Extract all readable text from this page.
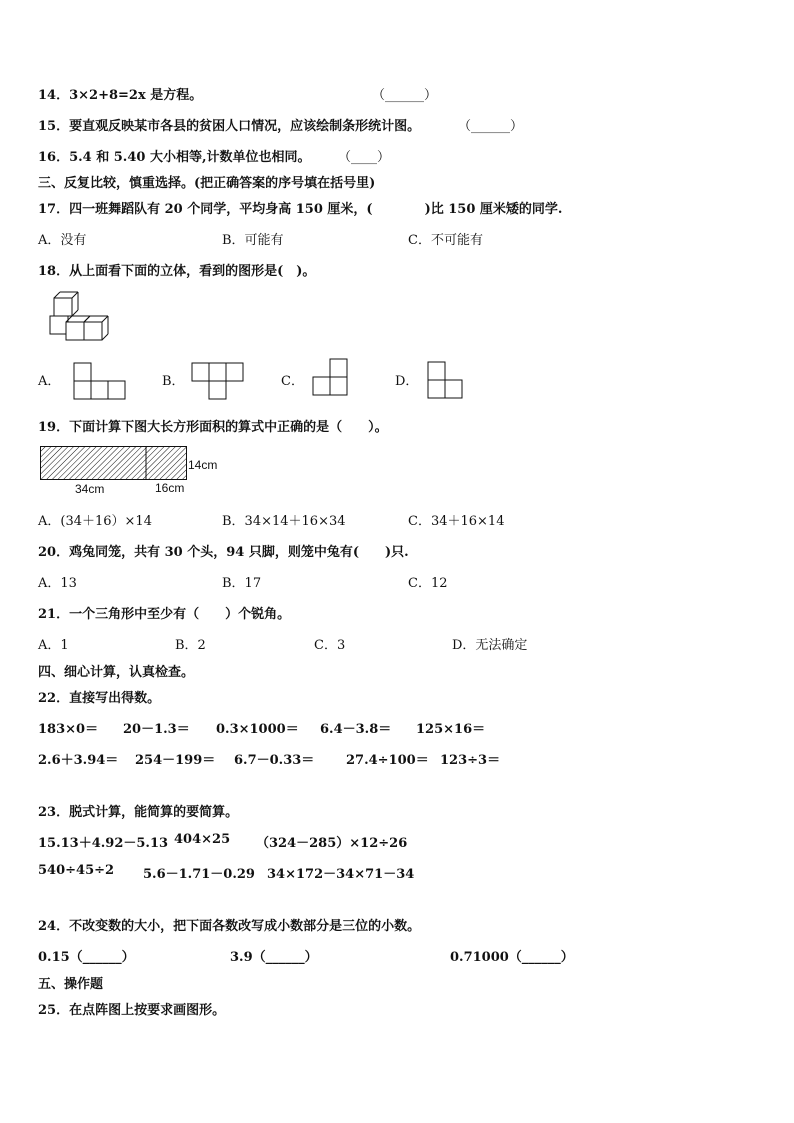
14．3×2+8=2x 是方程。	（______）
15．要直观反映某市各县的贫困人口情况，应该绘制条形统计图。	（______）
16．5.4 和 5.40 大小相等,计数单位也相同。 （____）
三、反复比较，慎重选择。(把正确答案的序号填在括号里)
17．四一班舞蹈队有 20 个同学，平均身高 150 厘米，(　　　　)比 150 厘米矮的同学.
A．没有	B．可能有	C．不可能有
18．从上面看下面的立体，看到的图形是(　)。
A．	B．	C．	D．
19．下面计算下图大长方形面积的算式中正确的是（　　）。
14cm
34cm	16cm
A．(34＋16）×14	B．34×14＋16×34	C．34＋16×14
20．鸡兔同笼，共有 30 个头，94 只脚，则笼中兔有(　　)只.
A．13	B．17	C．12
21．一个三角形中至少有（　　）个锐角。
A．1	B．2	C．3	D．无法确定
四、细心计算，认真检查。
22．直接写出得数。
183×0＝ 20－1.3＝ 0.3×1000＝ 6.4－3.8＝ 125×16＝
2.6＋3.94＝ 254－199＝ 6.7－0.33＝ 27.4÷100＝ 123÷3＝
23．脱式计算，能简算的要简算。
15.13＋4.92－5.13 404×25 （324－285）×12÷26
540÷45÷2 5.6－1.71－0.29 34×172－34×71－34
24．不改变数的大小，把下面各数改写成小数部分是三位的小数。
0.15（______）	3.9（______）	0.71000（______）
五、操作题
25．在点阵图上按要求画图形。
